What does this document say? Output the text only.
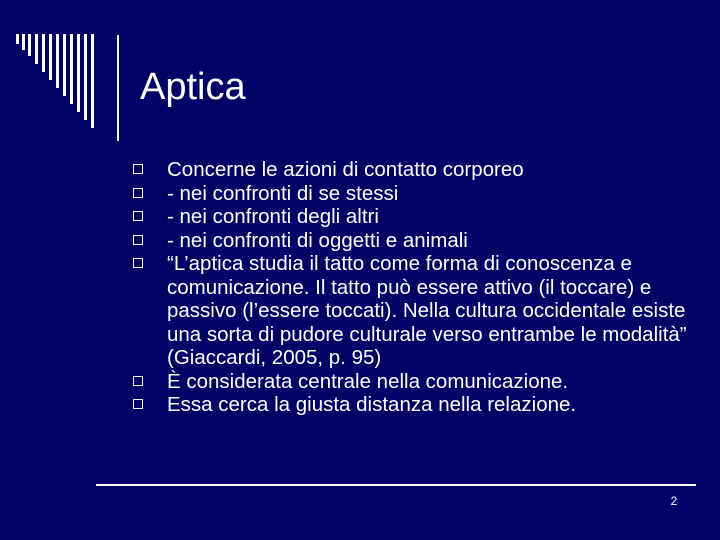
Aptica
Concerne le azioni di contatto corporeo
- nei confronti di se stessi
- nei confronti degli altri
- nei confronti di oggetti e animali
“L’aptica studia il tatto come forma di conoscenza e comunicazione. Il tatto può essere attivo (il toccare) e passivo (l’essere toccati). Nella cultura occidentale esiste una sorta di pudore culturale verso entrambe le modalità” (Giaccardi, 2005, p. 95)
È considerata centrale nella comunicazione.
Essa cerca la giusta distanza nella relazione.
2
